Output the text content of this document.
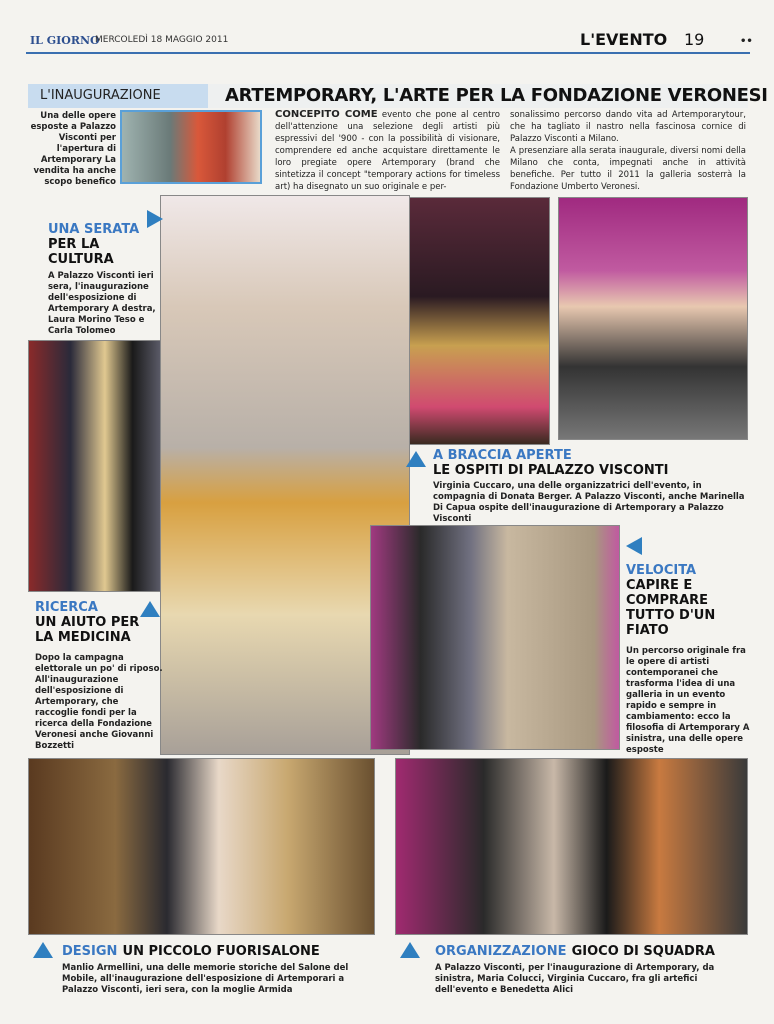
IL GIORNO
MERCOLEDÌ 18 MAGGIO 2011	L'EVENTO 19	••
L'INAUGURAZIONE	ARTEMPORARY, L'ARTE PER LA FONDAZIONE VERONESI
Una delle opere esposte a Palazzo Visconti per l'apertura di Artemporary La vendita ha anche scopo benefico
CONCEPITO COME evento che pone al centro dell'attenzione una selezione degli artisti più espressivi del '900 - con la possibilità di visionare, comprendere ed anche acquistare direttamente le loro pregiate opere Artemporary (brand che sintetizza il concept "temporary actions for timeless art) ha disegnato un suo originale e per-
sonalissimo percorso dando vita ad Artemporarytour, che ha tagliato il nastro nella fascinosa cornice di Palazzo Visconti a Milano.
A presenziare alla serata inaugurale, diversi nomi della Milano che conta, impegnati anche in attività benefiche. Per tutto il 2011 la galleria sosterrà la Fondazione Umberto Veronesi.
UNA SERATA
PER LA CULTURA
A Palazzo Visconti ieri sera, l'inaugurazione dell'esposizione di Artemporary A destra, Laura Morino Teso e Carla Tolomeo
RICERCA
UN AIUTO PER LA MEDICINA
Dopo la campagna elettorale un po' di riposo. All'inaugurazione dell'esposizione di Artemporary, che raccoglie fondi per la ricerca della Fondazione Veronesi anche Giovanni Bozzetti
A BRACCIA APERTE
LE OSPITI DI PALAZZO VISCONTI
Virginia Cuccaro, una delle organizzatrici dell'evento, in compagnia di Donata Berger. A Palazzo Visconti, anche Marinella Di Capua ospite dell'inaugurazione di Artemporary a Palazzo Visconti
VELOCITA
CAPIRE E COMPRARE TUTTO D'UN FIATO
Un percorso originale fra le opere di artisti contemporanei che trasforma l'idea di una galleria in un evento rapido e sempre in cambiamento: ecco la filosofia di Artemporary A sinistra, una delle opere esposte
DESIGN UN PICCOLO FUORISALONE
Manlio Armellini, una delle memorie storiche del Salone del Mobile, all'inaugurazione dell'esposizione di Artemporari a Palazzo Visconti, ieri sera, con la moglie Armida
ORGANIZZAZIONE GIOCO DI SQUADRA
A Palazzo Visconti, per l'inaugurazione di Artemporary, da sinistra, Maria Colucci, Virginia Cuccaro, fra gli artefici dell'evento e Benedetta Alici
